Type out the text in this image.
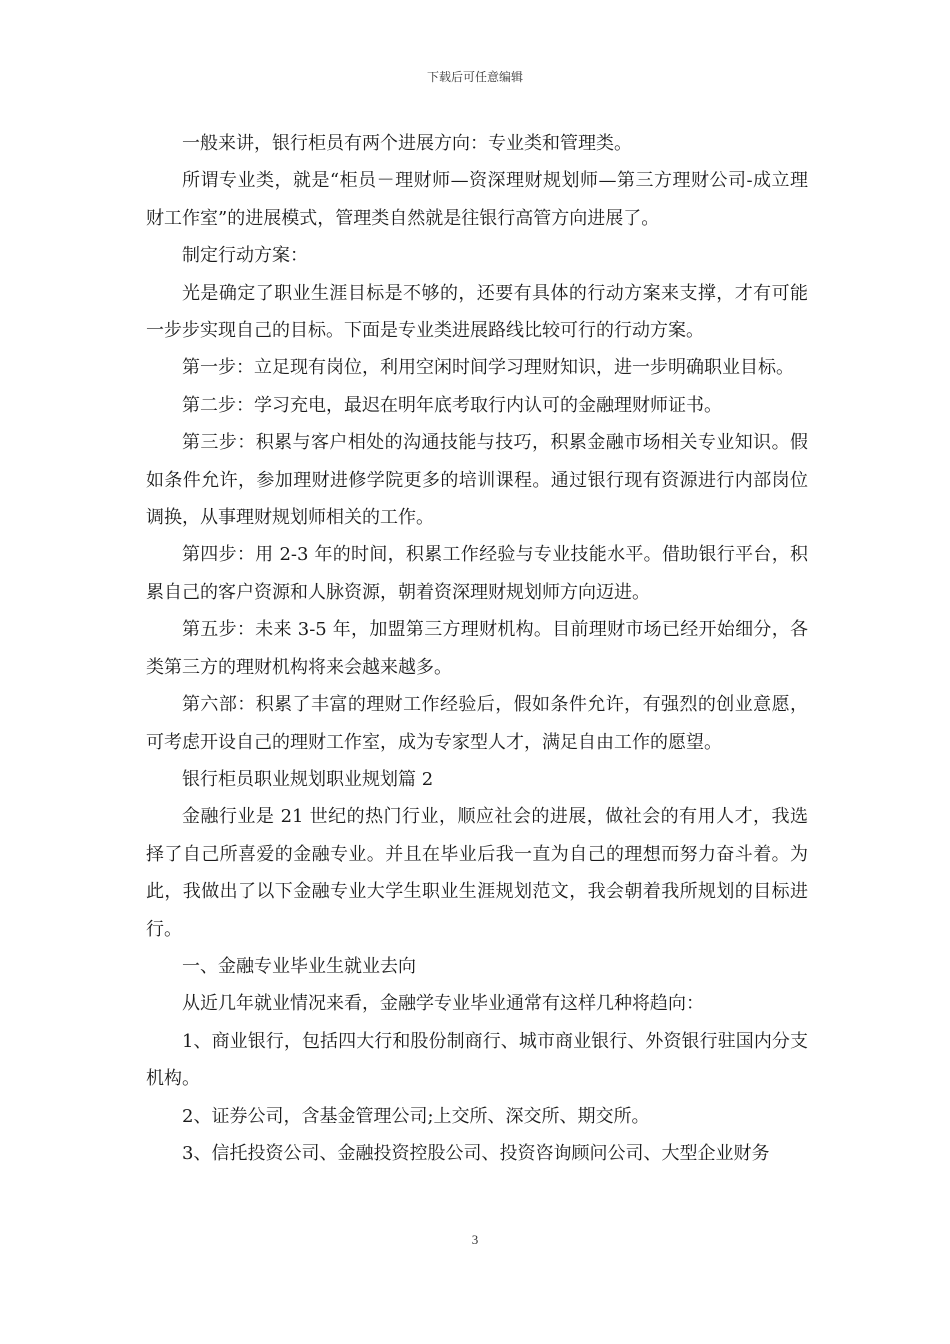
下载后可任意编辑

一般来讲，银行柜员有两个进展方向：专业类和管理类。

所谓专业类，就是“柜员－理财师—资深理财规划师—第三方理财公司-成立理财工作室”的进展模式，管理类自然就是往银行高管方向进展了。

制定行动方案：

光是确定了职业生涯目标是不够的，还要有具体的行动方案来支撑，才有可能一步步实现自己的目标。下面是专业类进展路线比较可行的行动方案。

第一步：立足现有岗位，利用空闲时间学习理财知识，进一步明确职业目标。

第二步：学习充电，最迟在明年底考取行内认可的金融理财师证书。

第三步：积累与客户相处的沟通技能与技巧，积累金融市场相关专业知识。假如条件允许，参加理财进修学院更多的培训课程。通过银行现有资源进行内部岗位调换，从事理财规划师相关的工作。

第四步：用 2-3 年的时间，积累工作经验与专业技能水平。借助银行平台，积累自己的客户资源和人脉资源，朝着资深理财规划师方向迈进。

第五步：未来 3-5 年，加盟第三方理财机构。目前理财市场已经开始细分，各类第三方的理财机构将来会越来越多。

第六部：积累了丰富的理财工作经验后，假如条件允许，有强烈的创业意愿，可考虑开设自己的理财工作室，成为专家型人才，满足自由工作的愿望。

银行柜员职业规划职业规划篇 2

金融行业是 21 世纪的热门行业，顺应社会的进展，做社会的有用人才，我选择了自己所喜爱的金融专业。并且在毕业后我一直为自己的理想而努力奋斗着。为此，我做出了以下金融专业大学生职业生涯规划范文，我会朝着我所规划的目标进行。

一、金融专业毕业生就业去向

从近几年就业情况来看，金融学专业毕业通常有这样几种将趋向：

1、商业银行，包括四大行和股份制商行、城市商业银行、外资银行驻国内分支机构。

2、证券公司，含基金管理公司;上交所、深交所、期交所。

3、信托投资公司、金融投资控股公司、投资咨询顾问公司、大型企业财务

3
